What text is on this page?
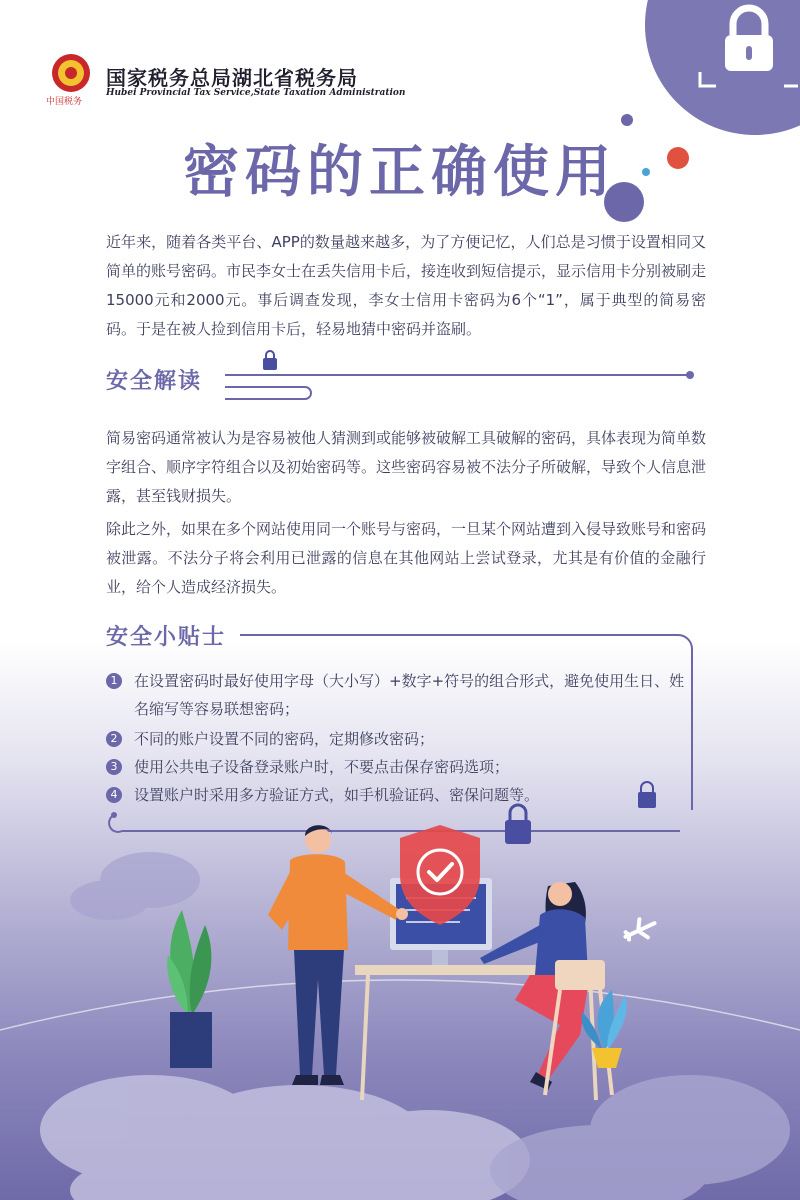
中国税务
国家税务总局湖北省税务局
Hubei Provincial Tax Service,State Taxation Administration
密码的正确使用
近年来，随着各类平台、APP的数量越来越多，为了方便记忆，人们总是习惯于设置相同又简单的账号密码。市民李女士在丢失信用卡后，接连收到短信提示，显示信用卡分别被刷走15000元和2000元。事后调查发现，李女士信用卡密码为6个“1”，属于典型的简易密码。于是在被人捡到信用卡后，轻易地猜中密码并盗刷。
安全解读
简易密码通常被认为是容易被他人猜测到或能够被破解工具破解的密码，具体表现为简单数字组合、顺序字符组合以及初始密码等。这些密码容易被不法分子所破解，导致个人信息泄露，甚至钱财损失。
除此之外，如果在多个网站使用同一个账号与密码，一旦某个网站遭到入侵导致账号和密码被泄露。不法分子将会利用已泄露的信息在其他网站上尝试登录，尤其是有价值的金融行业，给个人造成经济损失。
安全小贴士
1	在设置密码时最好使用字母（大小写）+数字+符号的组合形式，避免使用生日、姓名缩写等容易联想密码；
2	不同的账户设置不同的密码，定期修改密码；
3	使用公共电子设备登录账户时，不要点击保存密码选项；
4	设置账户时采用多方验证方式，如手机验证码、密保问题等。
